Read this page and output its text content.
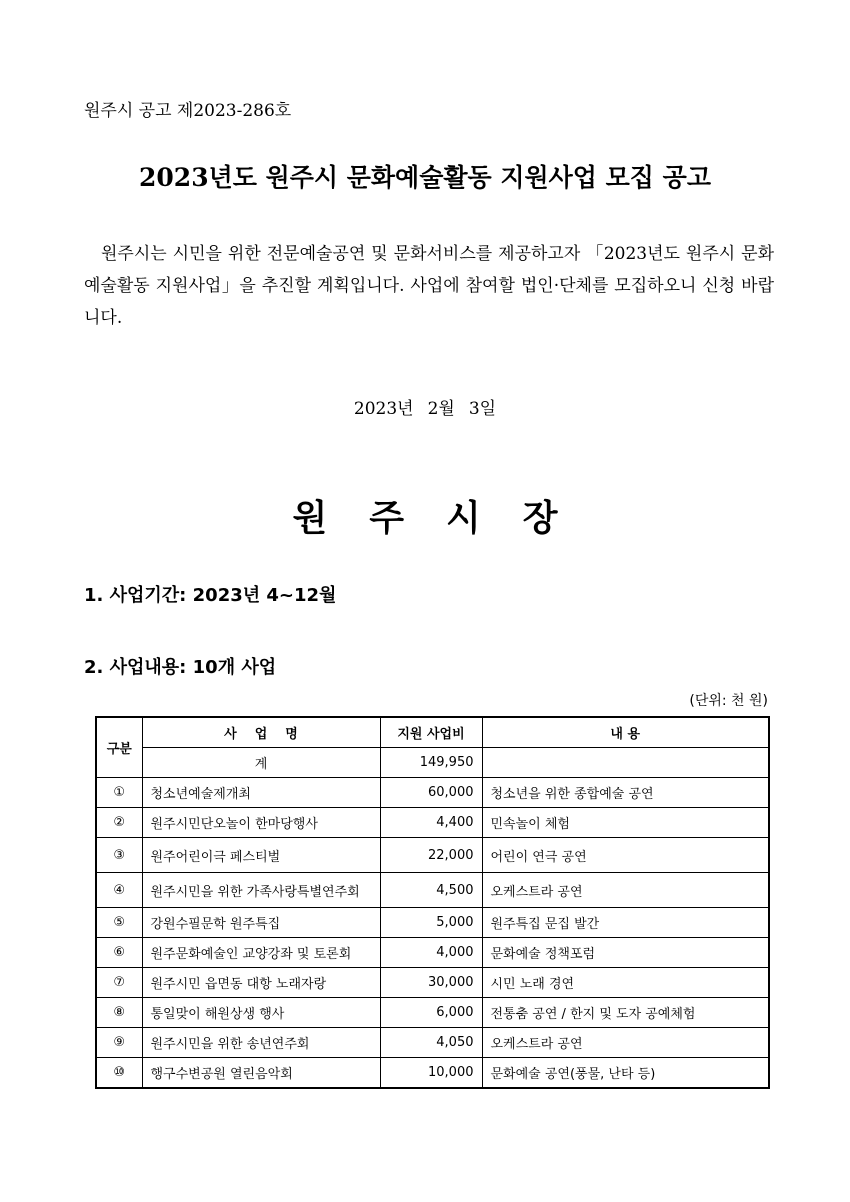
원주시 공고 제2023-286호
2023년도 원주시 문화예술활동 지원사업 모집 공고

원주시는 시민을 위한 전문예술공연 및 문화서비스를 제공하고자 「2023년도 원주시 문화예술활동 지원사업」을 추진할 계획입니다. 사업에 참여할 법인·단체를 모집하오니 신청 바랍니다.

2023년 2월 3일
원주시장
1. 사업기간: 2023년 4~12월
2. 사업내용: 10개 사업
(단위: 천 원)
구분	사업명	지원 사업비	내 용
	계	149,950	
①	청소년예술제개최	60,000	청소년을 위한 종합예술 공연
②	원주시민단오놀이 한마당행사	4,400	민속놀이 체험
③	원주어린이극 페스티벌	22,000	어린이 연극 공연
④	원주시민을 위한 가족사랑특별연주회	4,500	오케스트라 공연
⑤	강원수필문학 원주특집	5,000	원주특집 문집 발간
⑥	원주문화예술인 교양강좌 및 토론회	4,000	문화예술 정책포럼
⑦	원주시민 읍면동 대항 노래자랑	30,000	시민 노래 경연
⑧	통일맞이 해원상생 행사	6,000	전통춤 공연 / 한지 및 도자 공예체험
⑨	원주시민을 위한 송년연주회	4,050	오케스트라 공연
⑩	행구수변공원 열린음악회	10,000	문화예술 공연(풍물, 난타 등)
